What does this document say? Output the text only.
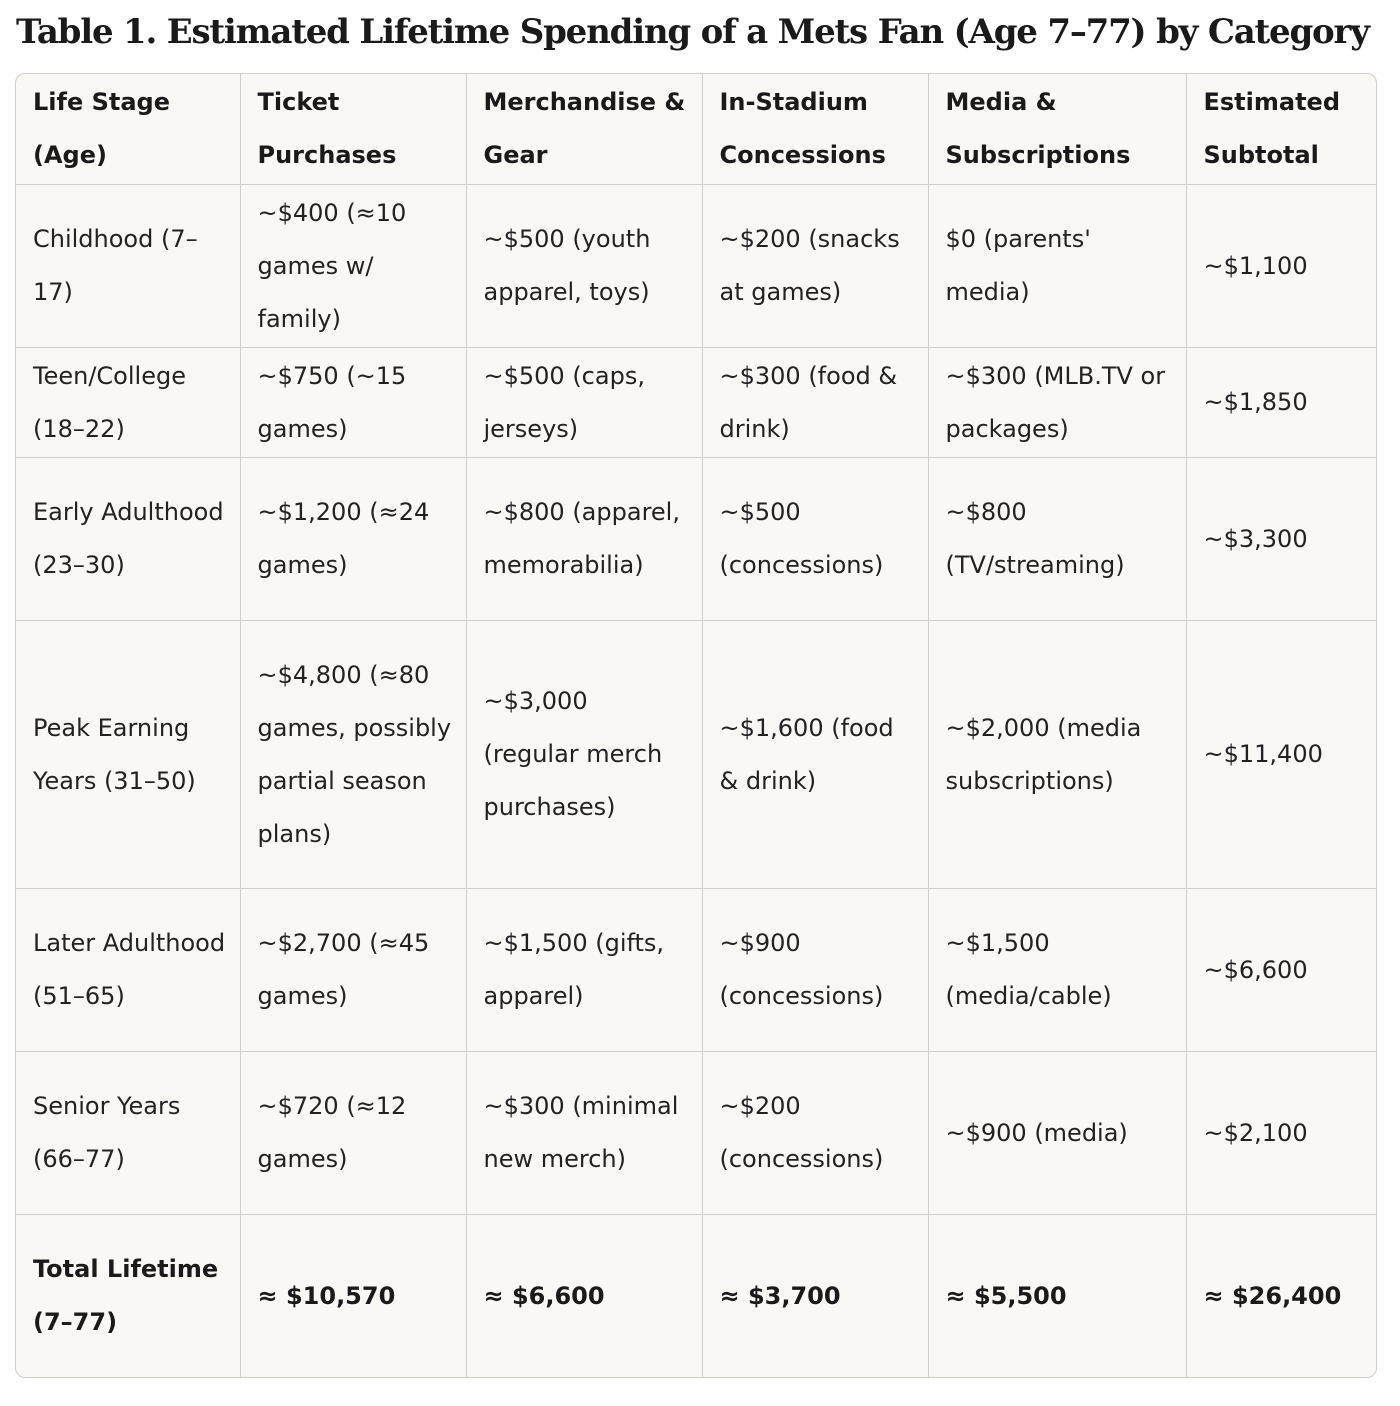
Table 1. Estimated Lifetime Spending of a Mets Fan (Age 7–77) by Category
Life Stage (Age)	Ticket Purchases	Merchandise & Gear	In-Stadium Concessions	Media & Subscriptions	Estimated Subtotal
Childhood (7–17)	~$400 (≈10 games w/ family)	~$500 (youth apparel, toys)	~$200 (snacks at games)	$0 (parents' media)	~$1,100
Teen/College (18–22)	~$750 (~15 games)	~$500 (caps, jerseys)	~$300 (food & drink)	~$300 (MLB.TV or packages)	~$1,850
Early Adulthood (23–30)	~$1,200 (≈24 games)	~$800 (apparel, memorabilia)	~$500 (concessions)	~$800 (TV/streaming)	~$3,300
Peak Earning Years (31–50)	~$4,800 (≈80 games, possibly partial season plans)	~$3,000 (regular merch purchases)	~$1,600 (food & drink)	~$2,000 (media subscriptions)	~$11,400
Later Adulthood (51–65)	~$2,700 (≈45 games)	~$1,500 (gifts, apparel)	~$900 (concessions)	~$1,500 (media/cable)	~$6,600
Senior Years (66–77)	~$720 (≈12 games)	~$300 (minimal new merch)	~$200 (concessions)	~$900 (media)	~$2,100
Total Lifetime (7–77)	≈ $10,570	≈ $6,600	≈ $3,700	≈ $5,500	≈ $26,400
